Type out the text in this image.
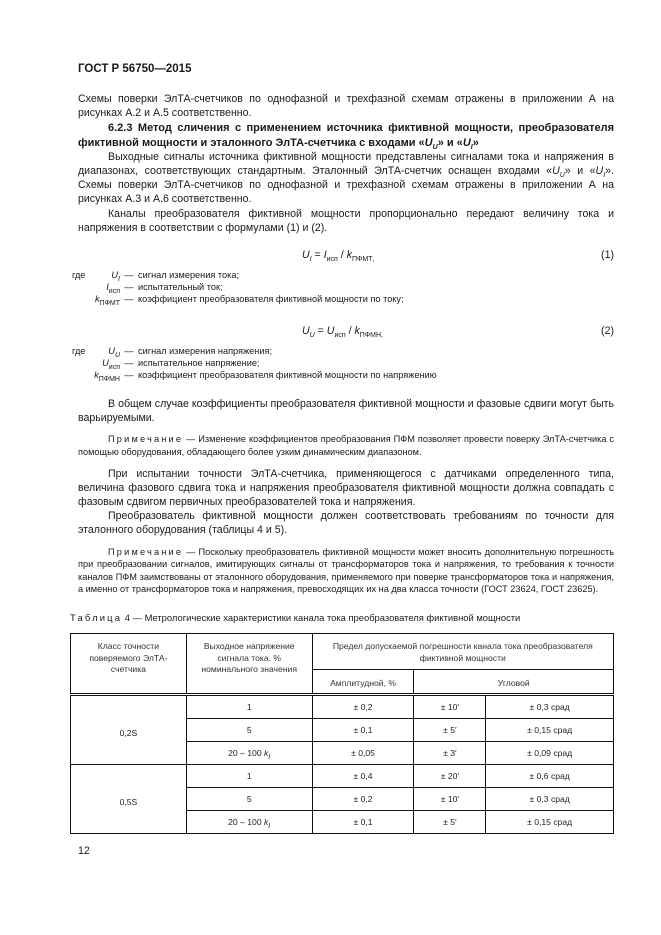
ГОСТ Р 56750—2015

Схемы поверки ЭлТА-счетчиков по однофазной и трехфазной схемам отражены в приложении А на рисунках А.2 и А.5 соответственно.

6.2.3 Метод сличения с применением источника фиктивной мощности, преобразователя фиктивной мощности и эталонного ЭлТА-счетчика с входами «$U_U$» и «$U_I$»

Выходные сигналы источника фиктивной мощности представлены сигналами тока и напряжения в диапазонах, соответствующих стандартным. Эталонный ЭлТА-счетчик оснащен входами «$U_U$» и «$U_I$». Схемы поверки ЭлТА-счетчиков по однофазной и трехфазной схемам отражены в приложении А на рисунках А.3 и А.6 соответственно.

Каналы преобразователя фиктивной мощности пропорционально передают величину тока и напряжения в соответствии с формулами (1) и (2).

$U_I = I_{исп} / k_{ПФМТ,}$	(1)
где	$U_I$ — сигнал измерения тока;
$I_{исп}$ — испытательный ток;
$k_{ПФМТ}$ — коэффициент преобразователя фиктивной мощности по току;
$U_U = U_{исп} / k_{ПФМН,}$	(2)
где	$U_U$ — сигнал измерения напряжения;
$U_{исп}$ — испытательное напряжение;
$k_{ПФМН}$ — коэффициент преобразователя фиктивной мощности по напряжению

В общем случае коэффициенты преобразователя фиктивной мощности и фазовые сдвиги могут быть варьируемыми.

Примечание — Изменение коэффициентов преобразования ПФМ позволяет провести поверку ЭлТА-счетчика с помощью оборудования, обладающего более узким динамическим диапазоном.

При испытании точности ЭлТА-счетчика, применяющегося с датчиками определенного типа, величина фазового сдвига тока и напряжения преобразователя фиктивной мощности должна совпадать с фазовым сдвигом первичных преобразователей тока и напряжения.

Преобразователь фиктивной мощности должен соответствовать требованиям по точности для эталонного оборудования (таблицы 4 и 5).

Примечание — Поскольку преобразователь фиктивной мощности может вносить дополнительную погрешность при преобразовании сигналов, имитирующих сигналы от трансформаторов тока и напряжения, то требования к точности каналов ПФМ заимствованы от эталонного оборудования, применяемого при поверке трансформаторов тока и напряжения, а именно от трансформаторов тока и напряжения, превосходящих их на два класса точности (ГОСТ 23624, ГОСТ 23625).

Таблица 4 — Метрологические характеристики канала тока преобразователя фиктивной мощности

Класс точности поверяемого ЭлТА-счетчика	Выходное напряжение сигнала тока. % номинального значения	Предел допускаемой погрешности канала тока преобразователя фиктивной мощности		
		Амплитудной, %	Угловой	
0,2S	1	± 0,2	± 10′	± 0,3 срад
	5	± 0,1	± 5′	± 0,15 срад
	20 – 100 $k_I$	± 0,05	± 3′	± 0,09 срад
0,5S	1	± 0,4	± 20′	± 0,6 срад
	5	± 0,2	± 10′	± 0,3 срад
	20 – 100 $k_I$	± 0,1	± 5′	± 0,15 срад
12
